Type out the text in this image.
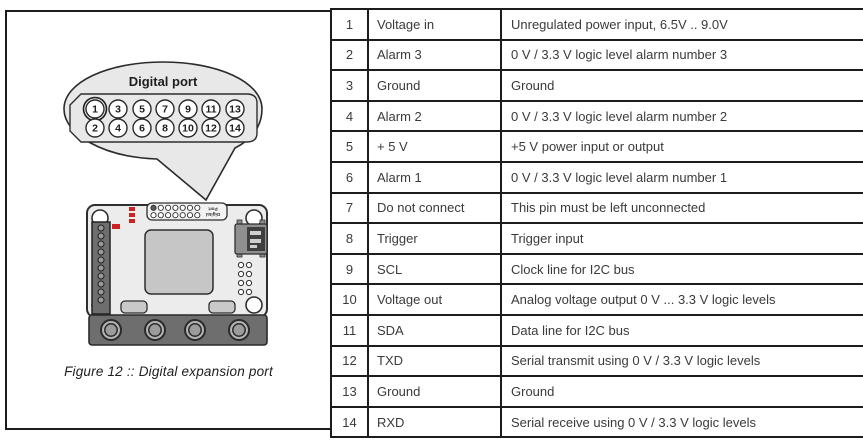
Digital port
1 3 5 7 9 11 13
2 4 6 8 10 12 14
Digital
Port
Figure 12 :: Digital expansion port
1	Voltage in	Unregulated power input, 6.5V .. 9.0V
2	Alarm 3	0 V / 3.3 V logic level alarm number 3
3	Ground	Ground
4	Alarm 2	0 V / 3.3 V logic level alarm number 2
5	+ 5 V	+5 V power input or output
6	Alarm 1	0 V / 3.3 V logic level alarm number 1
7	Do not connect	This pin must be left unconnected
8	Trigger	Trigger input
9	SCL	Clock line for I2C bus
10	Voltage out	Analog voltage output 0 V ... 3.3 V logic levels
11	SDA	Data line for I2C bus
12	TXD	Serial transmit using 0 V / 3.3 V logic levels
13	Ground	Ground
14	RXD	Serial receive using 0 V / 3.3 V logic levels
